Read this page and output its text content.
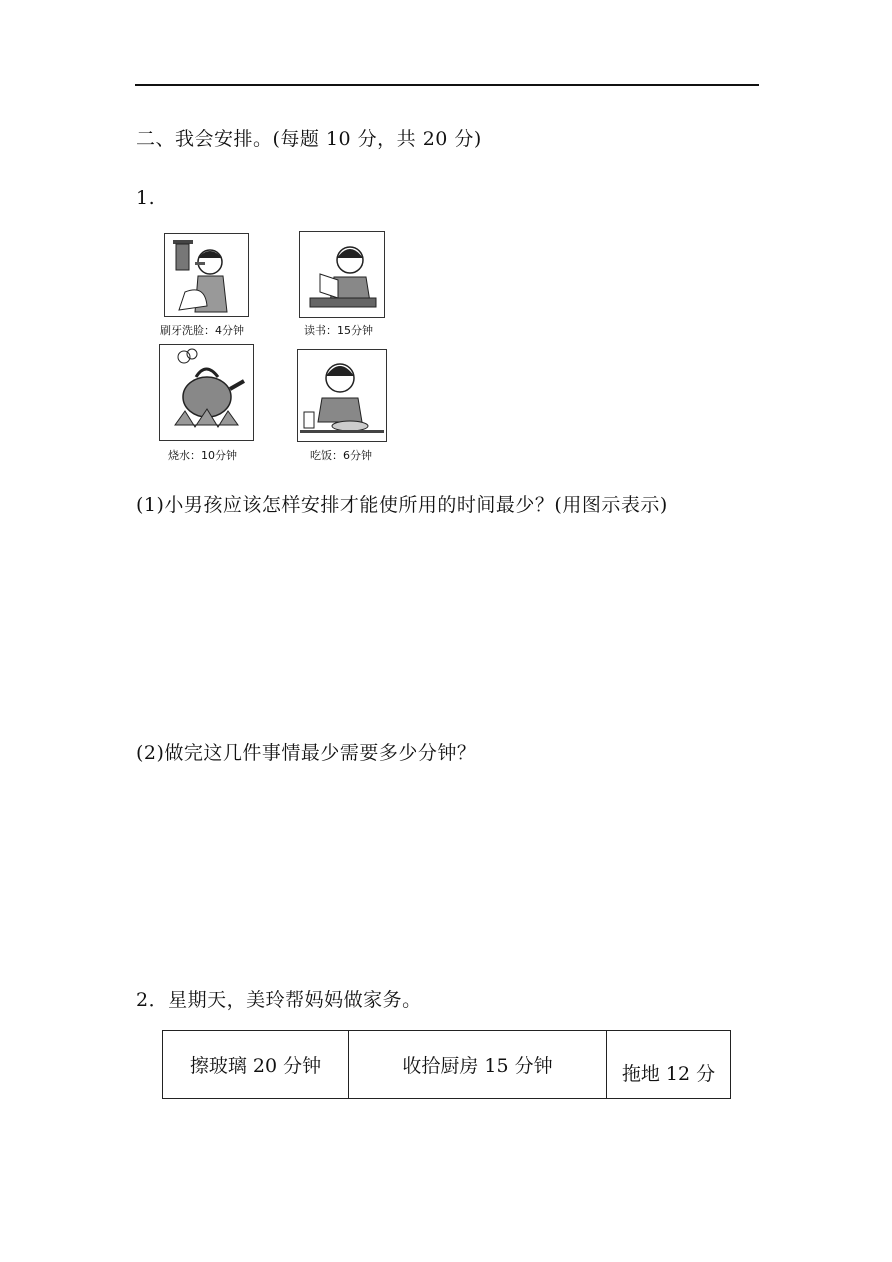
二、我会安排。(每题 10 分，共 20 分)
1.
刷牙洗脸：4分钟	读书：15分钟
烧水：10分钟	吃饭：6分钟
(1)小男孩应该怎样安排才能使所用的时间最少？(用图示表示)
(2)做完这几件事情最少需要多少分钟？
2．星期天，美玲帮妈妈做家务。
擦玻璃 20 分钟	收拾厨房 15 分钟	拖地 12 分
